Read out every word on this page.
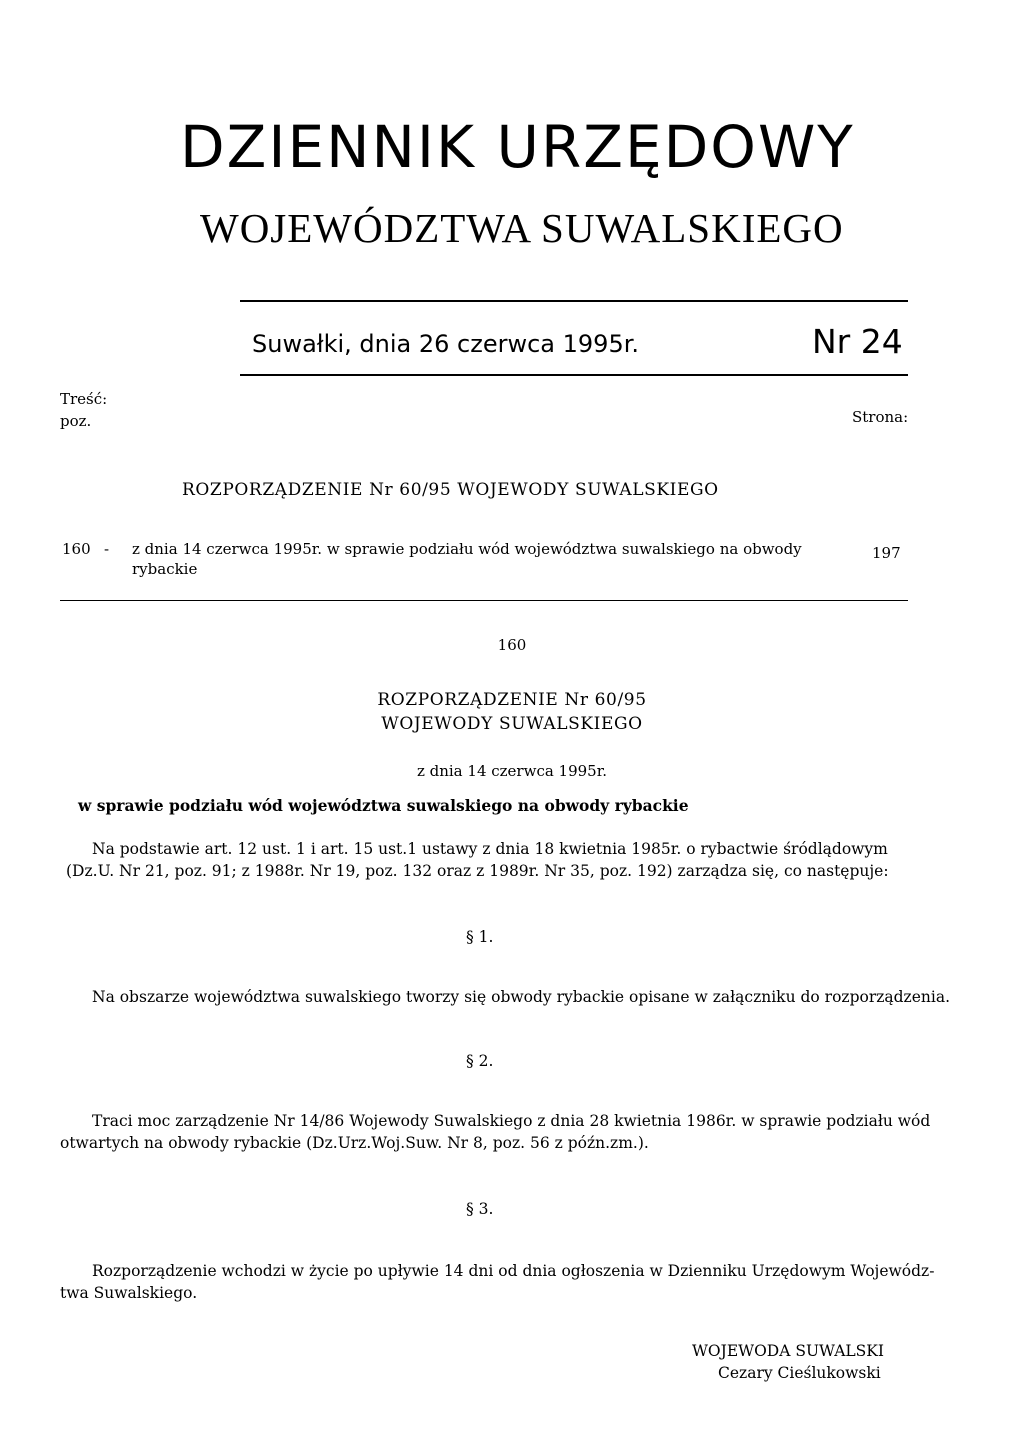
DZIENNIK URZĘDOWY
WOJEWÓDZTWA SUWALSKIEGO
Suwałki, dnia 26 czerwca 1995r.	Nr 24
Treść:
poz.	Strona:
ROZPORZĄDZENIE Nr 60/95 WOJEWODY SUWALSKIEGO
160 - z dnia 14 czerwca 1995r. w sprawie podziału wód województwa suwalskiego na obwody
rybackie
197
160
ROZPORZĄDZENIE Nr 60/95
WOJEWODY SUWALSKIEGO
z dnia 14 czerwca 1995r.
w sprawie podziału wód województwa suwalskiego na obwody rybackie
Na podstawie art. 12 ust. 1 i art. 15 ust.1 ustawy z dnia 18 kwietnia 1985r. o rybactwie śródlądowym
(Dz.U. Nr 21, poz. 91; z 1988r. Nr 19, poz. 132 oraz z 1989r. Nr 35, poz. 192) zarządza się, co następuje:
§ 1.
Na obszarze województwa suwalskiego tworzy się obwody rybackie opisane w załączniku do rozporządzenia.
§ 2.
Traci moc zarządzenie Nr 14/86 Wojewody Suwalskiego z dnia 28 kwietnia 1986r. w sprawie podziału wód
otwartych na obwody rybackie (Dz.Urz.Woj.Suw. Nr 8, poz. 56 z późn.zm.).
§ 3.
Rozporządzenie wchodzi w życie po upływie 14 dni od dnia ogłoszenia w Dzienniku Urzędowym Wojewódz-
twa Suwalskiego.
WOJEWODA SUWALSKI
Cezary Cieślukowski
